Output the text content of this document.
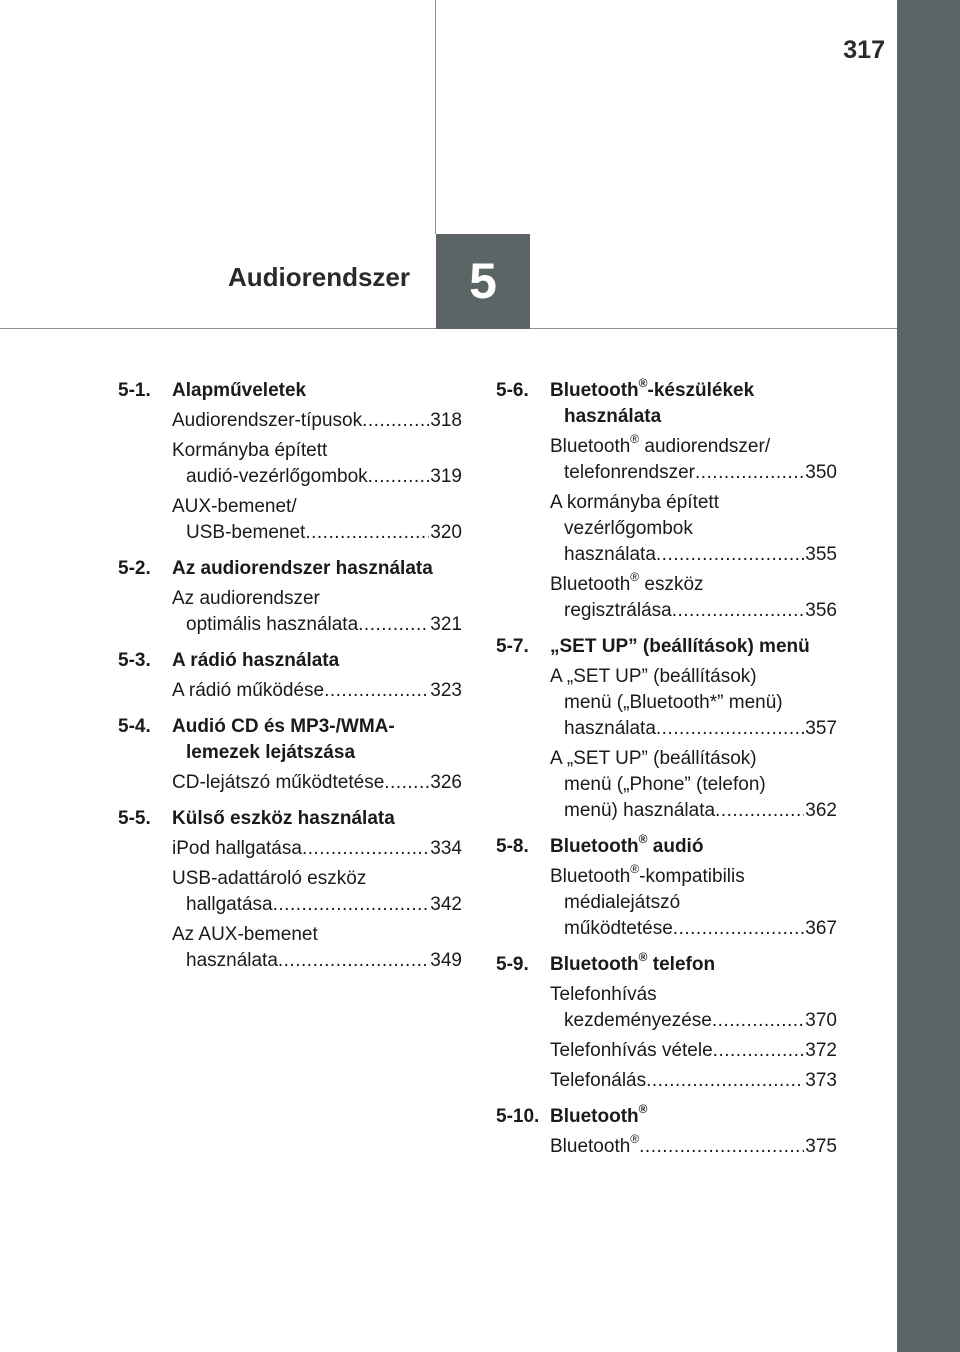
317
Audiorendszer	5
5-1. Alapműveletek
Audiorendszer-típusok .....	318
Kormányba épített
audió-vezérlőgombok .....	319
AUX-bemenet/
USB-bemenet .....	320
5-2. Az audiorendszer használata
Az audiorendszer
optimális használata .....	321
5-3. A rádió használata
A rádió működése .....	323
5-4. Audió CD és MP3-/WMA-
lemezek lejátszása
CD-lejátszó működtetése ..... 326
5-5. Külső eszköz használata
iPod hallgatása .....	334
USB-adattároló eszköz
hallgatása .....	342
Az AUX-bemenet
használata .....	349
5-6. Bluetooth®-készülékek
használata
Bluetooth® audiorendszer/
telefonrendszer .....	350
A kormányba épített
vezérlőgombok
használata .....	355
Bluetooth® eszköz
regisztrálása .....	356
5-7. „SET UP” (beállítások) menü
A „SET UP” (beállítások)
menü („Bluetooth*” menü)
használata .....	357
A „SET UP” (beállítások)
menü („Phone” (telefon)
menü) használata .....	362
5-8. Bluetooth® audió
Bluetooth®-kompatibilis
médialejátszó
működtetése .....	367
5-9. Bluetooth® telefon
Telefonhívás
kezdeményezése .....	370
Telefonhívás vétele .....	372
Telefonálás .....	373
5-10. Bluetooth®
Bluetooth® .....	375
